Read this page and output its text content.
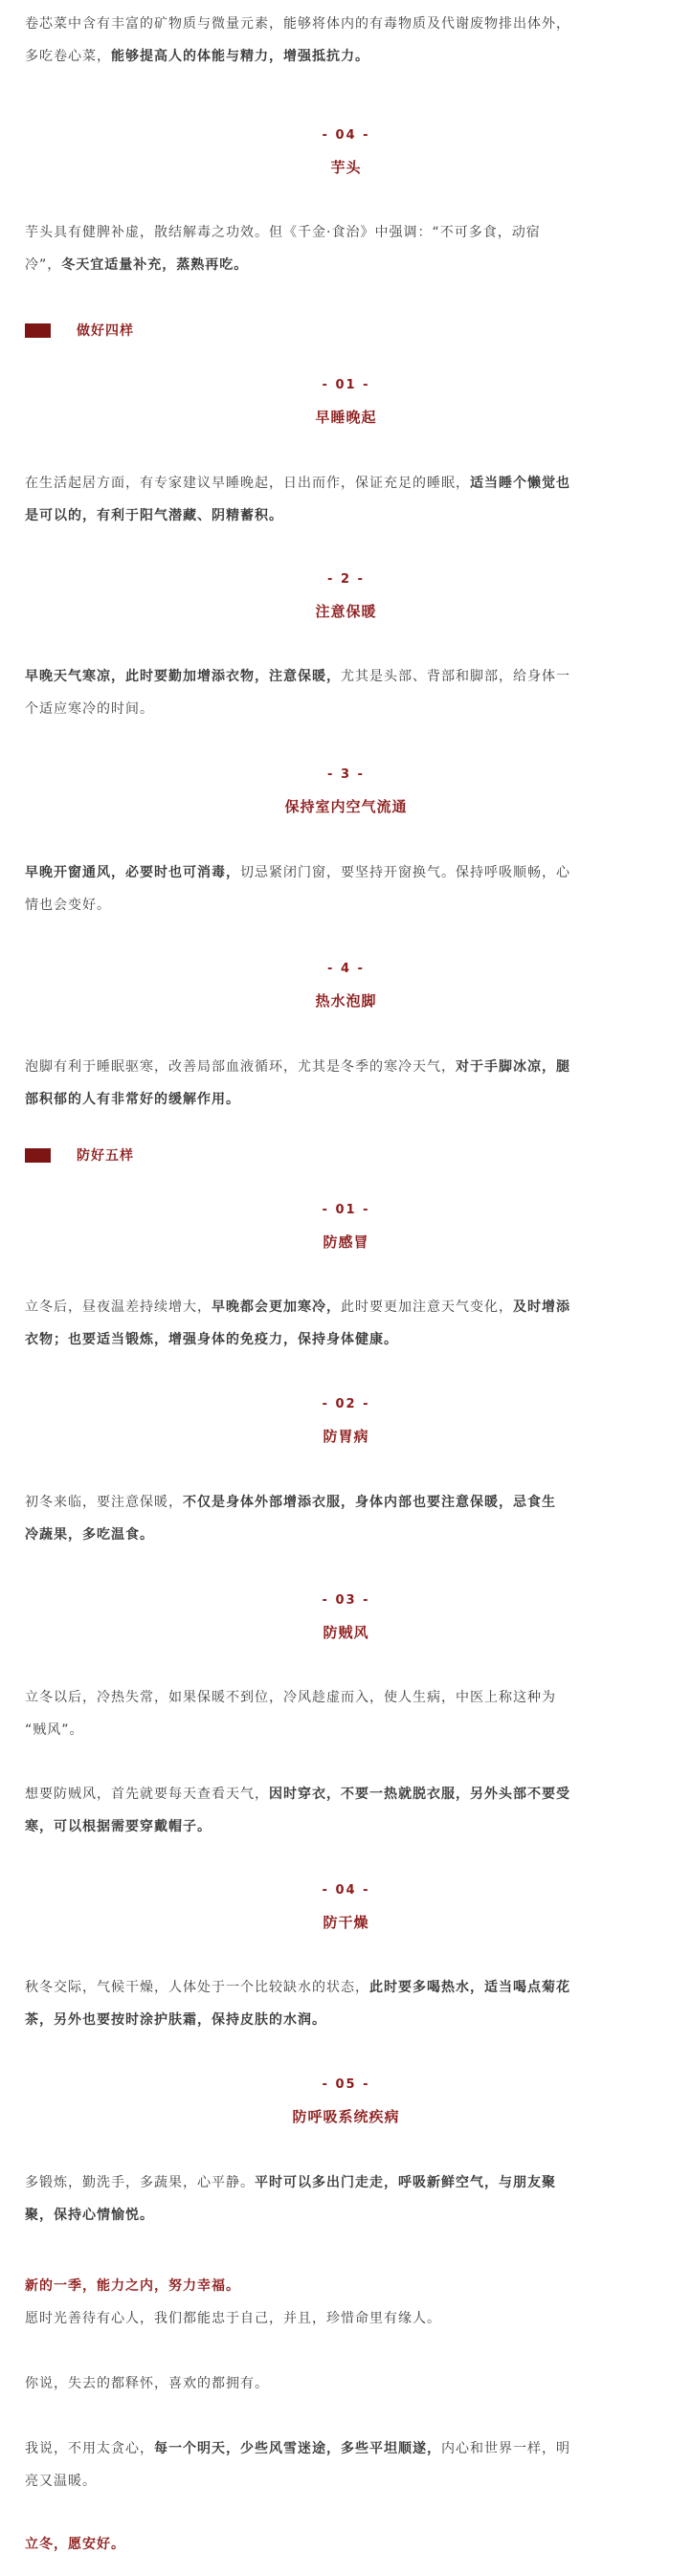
卷芯菜中含有丰富的矿物质与微量元素，能够将体内的有毒物质及代谢废物排出体外，
多吃卷心菜，能够提高人的体能与精力，增强抵抗力。

- 04 -

芋头

芋头具有健脾补虚，散结解毒之功效。但《千金·食治》中强调：“不可多食，动宿
冷”，冬天宜适量补充，蒸熟再吃。

做好四样

- 01 -

早睡晚起

在生活起居方面，有专家建议早睡晚起，日出而作，保证充足的睡眠，适当睡个懒觉也
是可以的，有利于阳气潜藏、阴精蓄积。

- 2 -

注意保暖

早晚天气寒凉，此时要勤加增添衣物，注意保暖，尤其是头部、背部和脚部，给身体一
个适应寒冷的时间。

- 3 -

保持室内空气流通

早晚开窗通风，必要时也可消毒，切忌紧闭门窗，要坚持开窗换气。保持呼吸顺畅，心
情也会变好。

- 4 -

热水泡脚

泡脚有利于睡眠驱寒，改善局部血液循环，尤其是冬季的寒冷天气，对于手脚冰凉，腿
部积郁的人有非常好的缓解作用。

防好五样

- 01 -

防感冒

立冬后，昼夜温差持续增大，早晚都会更加寒冷，此时要更加注意天气变化，及时增添
衣物；也要适当锻炼，增强身体的免疫力，保持身体健康。

- 02 -

防胃病

初冬来临，要注意保暖，不仅是身体外部增添衣服，身体内部也要注意保暖，忌食生
冷蔬果，多吃温食。

- 03 -

防贼风

立冬以后，冷热失常，如果保暖不到位，冷风趁虚而入，使人生病，中医上称这种为
“贼风”。

想要防贼风，首先就要每天查看天气，因时穿衣，不要一热就脱衣服，另外头部不要受
寒，可以根据需要穿戴帽子。

- 04 -

防干燥

秋冬交际，气候干燥，人体处于一个比较缺水的状态，此时要多喝热水，适当喝点菊花
茶，另外也要按时涂护肤霜，保持皮肤的水润。

- 05 -

防呼吸系统疾病

多锻炼，勤洗手，多蔬果，心平静。平时可以多出门走走，呼吸新鲜空气，与朋友聚
聚，保持心情愉悦。

新的一季，能力之内，努力幸福。
愿时光善待有心人，我们都能忠于自己，并且，珍惜命里有缘人。

你说，失去的都释怀，喜欢的都拥有。

我说，不用太贪心，每一个明天，少些风雪迷途，多些平坦顺遂，内心和世界一样，明
亮又温暖。

立冬，愿安好。
